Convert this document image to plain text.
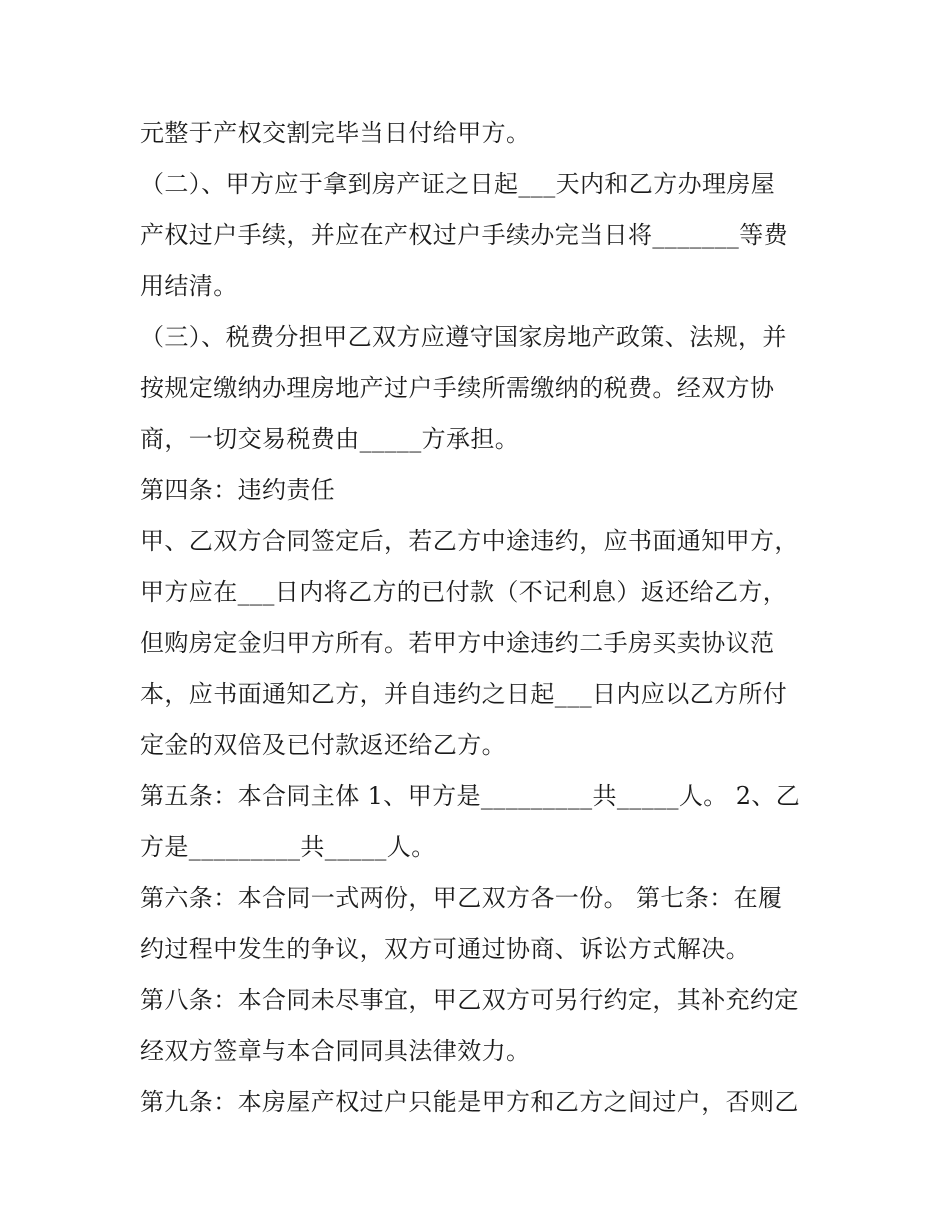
元整于产权交割完毕当日付给甲方。
（二）、甲方应于拿到房产证之日起___天内和乙方办理房屋
产权过户手续，并应在产权过户手续办完当日将_______等费
用结清。
（三）、税费分担甲乙双方应遵守国家房地产政策、法规，并
按规定缴纳办理房地产过户手续所需缴纳的税费。经双方协
商，一切交易税费由_____方承担。
第四条：违约责任
甲、乙双方合同签定后，若乙方中途违约，应书面通知甲方，
甲方应在___日内将乙方的已付款（不记利息）返还给乙方，
但购房定金归甲方所有。若甲方中途违约二手房买卖协议范
本，应书面通知乙方，并自违约之日起___日内应以乙方所付
定金的双倍及已付款返还给乙方。
第五条：本合同主体 1、甲方是_________共_____人。 2、乙
方是_________共_____人。
第六条：本合同一式两份，甲乙双方各一份。 第七条：在履
约过程中发生的争议，双方可通过协商、诉讼方式解决。
第八条：本合同未尽事宜，甲乙双方可另行约定，其补充约定
经双方签章与本合同同具法律效力。
第九条：本房屋产权过户只能是甲方和乙方之间过户，否则乙
